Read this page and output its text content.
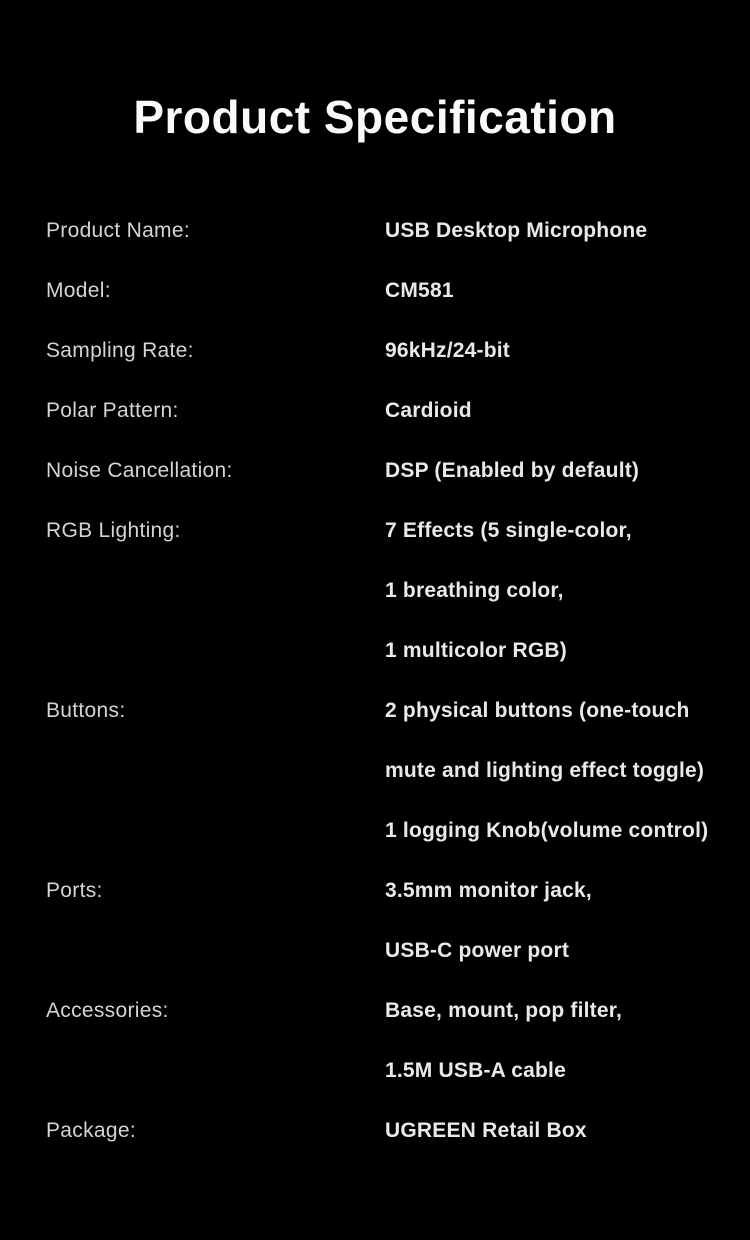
Product Specification
Product Name:	USB Desktop Microphone
Model:	CM581
Sampling Rate:	96kHz/24-bit
Polar Pattern:	Cardioid
Noise Cancellation:	DSP (Enabled by default)
RGB Lighting:	7 Effects (5 single-color,
1 breathing color,
1 multicolor RGB)
Buttons:	2 physical buttons (one-touch
mute and lighting effect toggle)
1 logging Knob(volume control)
Ports:	3.5mm monitor jack,
USB-C power port
Accessories:	Base, mount, pop filter,
1.5M USB-A cable
Package:	UGREEN Retail Box
